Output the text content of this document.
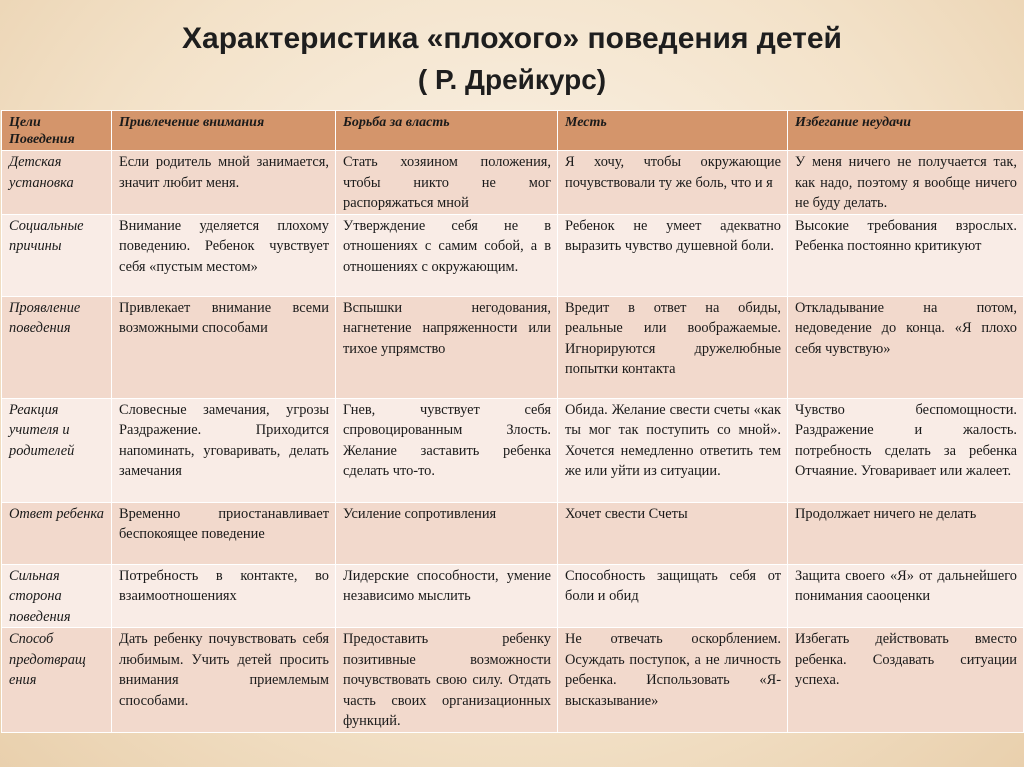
Характеристика «плохого» поведения детей
( Р. Дрейкурс)
Цели Поведения	Привлечение внимания	Борьба за власть	Месть	Избегание неудачи
Детская установка	Если родитель мной занимается, значит любит меня.	Стать хозяином положения, чтобы никто не мог распоряжаться мной	Я хочу, чтобы окружающие почувствовали ту же боль, что и я	У меня ничего не получается так, как надо, поэтому я вообще ничего не буду делать.
Социальные причины	Внимание уделяется плохому поведению. Ребенок чувствует себя «пустым местом»	Утверждение себя не в отношениях с самим собой, а в отношениях с окружающим.	Ребенок не умеет адекватно выразить чувство душевной боли.	Высокие требования взрослых. Ребенка постоянно критикуют
Проявление поведения	Привлекает внимание всеми возможными способами	Вспышки негодования, нагнетение напряженности или тихое упрямство	Вредит в ответ на обиды, реальные или воображаемые. Игнорируются дружелюбные попытки контакта	Откладывание на потом, недоведение до конца. «Я плохо себя чувствую»
Реакция учителя и родителей	Словесные замечания, угрозы Раздражение. Приходится напоминать, уговаривать, делать замечания	Гнев, чувствует себя спровоцированным Злость. Желание заставить ребенка сделать что-то.	Обида. Желание свести счеты «как ты мог так поступить со мной». Хочется немедленно ответить тем же или уйти из ситуации.	Чувство беспомощности. Раздражение и жалость. потребность сделать за ребенка Отчаяние. Уговаривает или жалеет.
Ответ ребенка	Временно приостанавливает беспокоящее поведение	Усиление сопротивления	Хочет свести Счеты	Продолжает ничего не делать
Сильная сторона поведения	Потребность в контакте, во взаимоотношениях	Лидерские способности, умение независимо мыслить	Способность защищать себя от боли и обид	Защита своего «Я» от дальнейшего понимания саооценки
Способ предотвращ ения	Дать ребенку почувствовать себя любимым. Учить детей просить внимания приемлемым способами.	Предоставить ребенку позитивные возможности почувствовать свою силу. Отдать часть своих организационных функций.	Не отвечать оскорблением. Осуждать поступок, а не личность ребенка. Использовать «Я-высказывание»	Избегать действовать вместо ребенка. Создавать ситуации успеха.
